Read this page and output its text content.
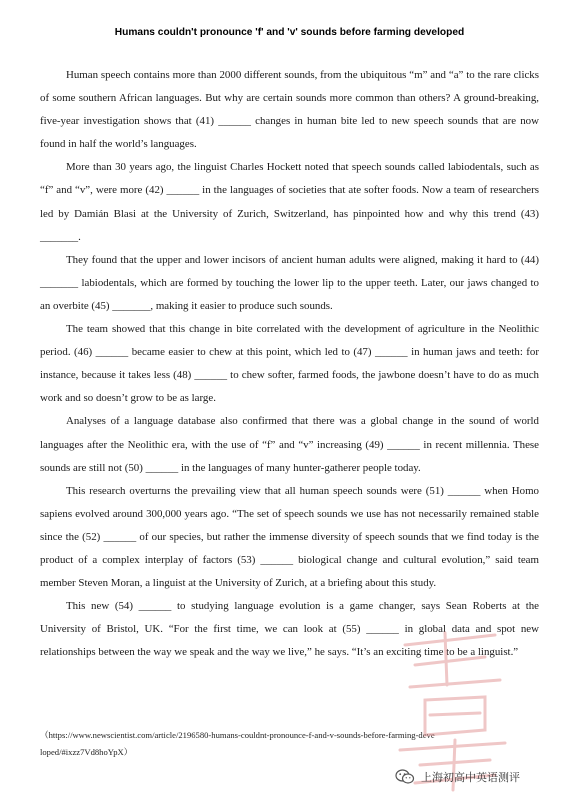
Humans couldn't pronounce 'f' and 'v' sounds before farming developed

Human speech contains more than 2000 different sounds, from the ubiquitous “m” and “a” to the rare clicks of some southern African languages. But why are certain sounds more common than others? A ground-breaking, five-year investigation shows that (41) ______ changes in human bite led to new speech sounds that are now found in half the world’s languages.

More than 30 years ago, the linguist Charles Hockett noted that speech sounds called labiodentals, such as “f” and “v”, were more (42) ______ in the languages of societies that ate softer foods. Now a team of researchers led by Damián Blasi at the University of Zurich, Switzerland, has pinpointed how and why this trend (43) _______.

They found that the upper and lower incisors of ancient human adults were aligned, making it hard to (44) _______ labiodentals, which are formed by touching the lower lip to the upper teeth. Later, our jaws changed to an overbite (45) _______, making it easier to produce such sounds.

The team showed that this change in bite correlated with the development of agriculture in the Neolithic period. (46) ______ became easier to chew at this point, which led to (47) ______ in human jaws and teeth: for instance, because it takes less (48) ______ to chew softer, farmed foods, the jawbone doesn’t have to do as much work and so doesn’t grow to be as large.

Analyses of a language database also confirmed that there was a global change in the sound of world languages after the Neolithic era, with the use of “f” and “v” increasing (49) ______ in recent millennia. These sounds are still not (50) ______ in the languages of many hunter-gatherer people today.

This research overturns the prevailing view that all human speech sounds were (51) ______ when Homo sapiens evolved around 300,000 years ago. “The set of speech sounds we use has not necessarily remained stable since the (52) ______ of our species, but rather the immense diversity of speech sounds that we find today is the product of a complex interplay of factors (53) ______ biological change and cultural evolution,” said team member Steven Moran, a linguist at the University of Zurich, at a briefing about this study.

This new (54) ______ to studying language evolution is a game changer, says Sean Roberts at the University of Bristol, UK. “For the first time, we can look at (55) ______ in global data and spot new relationships between the way we speak and the way we live,” he says. “It’s an exciting time to be a linguist.”

（https://www.newscientist.com/article/2196580-humans-couldnt-pronounce-f-and-v-sounds-before-farming-deve
loped/#ixzz7Vd8hoYpX）
上海初高中英语测评
